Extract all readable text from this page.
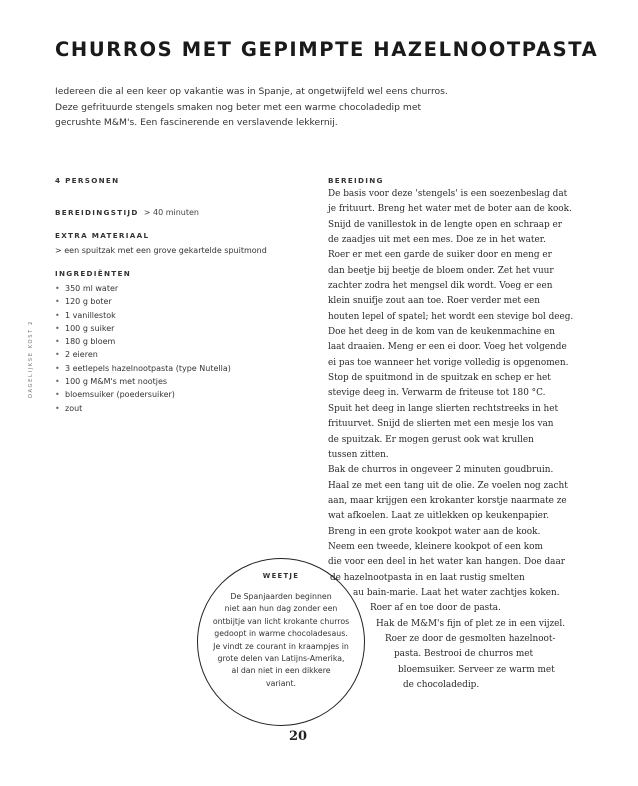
CHURROS MET GEPIMPTE HAZELNOOTPASTA
Iedereen die al een keer op vakantie was in Spanje, at ongetwijfeld wel eens churros.
Deze gefrituurde stengels smaken nog beter met een warme chocoladedip met
gecrushte M&M's. Een fascinerende en verslavende lekkernij.
DAGELIJKSE KOST 2
4 PERSONEN
BEREIDINGSTIJD > 40 minuten
EXTRA MATERIAAL
> een spuitzak met een grove gekartelde spuitmond
INGREDIËNTEN
• 350 ml water
• 120 g boter
• 1 vanillestok
• 100 g suiker
• 180 g bloem
• 2 eieren
• 3 eetlepels hazelnootpasta (type Nutella)
• 100 g M&M's met nootjes
• bloemsuiker (poedersuiker)
• zout
BEREIDING
De basis voor deze 'stengels' is een soezenbeslag dat
je frituurt. Breng het water met de boter aan de kook.
Snijd de vanillestok in de lengte open en schraap er
de zaadjes uit met een mes. Doe ze in het water.
Roer er met een garde de suiker door en meng er
dan beetje bij beetje de bloem onder. Zet het vuur
zachter zodra het mengsel dik wordt. Voeg er een
klein snuifje zout aan toe. Roer verder met een
houten lepel of spatel; het wordt een stevige bol deeg.
Doe het deeg in de kom van de keukenmachine en
laat draaien. Meng er een ei door. Voeg het volgende
ei pas toe wanneer het vorige volledig is opgenomen.
Stop de spuitmond in de spuitzak en schep er het
stevige deeg in. Verwarm de friteuse tot 180 °C.
Spuit het deeg in lange slierten rechtstreeks in het
frituurvet. Snijd de slierten met een mesje los van
de spuitzak. Er mogen gerust ook wat krullen
tussen zitten.
Bak de churros in ongeveer 2 minuten goudbruin.
Haal ze met een tang uit de olie. Ze voelen nog zacht
aan, maar krijgen een krokanter korstje naarmate ze
wat afkoelen. Laat ze uitlekken op keukenpapier.
Breng in een grote kookpot water aan de kook.
Neem een tweede, kleinere kookpot of een kom
die voor een deel in het water kan hangen. Doe daar
de hazelnootpasta in en laat rustig smelten
au bain-marie. Laat het water zachtjes koken.
Roer af en toe door de pasta.
Hak de M&M's fijn of plet ze in een vijzel.
Roer ze door de gesmolten hazelnoot-
pasta. Bestrooi de churros met
bloemsuiker. Serveer ze warm met
de chocoladedip.
WEETJE
De Spanjaarden beginnen
niet aan hun dag zonder een
ontbijtje van licht krokante churros
gedoopt in warme chocoladesaus.
Je vindt ze courant in kraampjes in
grote delen van Latijns-Amerika,
al dan niet in een dikkere
variant.
20
